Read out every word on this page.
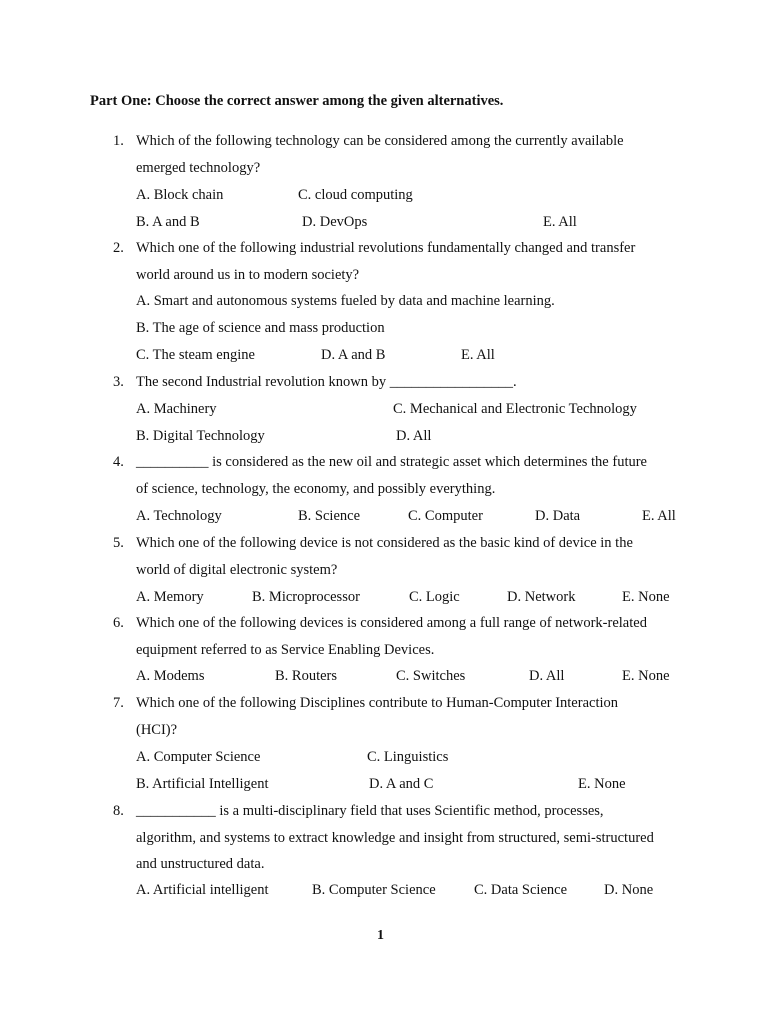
Part One: Choose the correct answer among the given alternatives.
1. Which of the following technology can be considered among the currently available
emerged technology?
A. Block chain	C. cloud computing
B. A and B	D. DevOps	E. All
2. Which one of the following industrial revolutions fundamentally changed and transfer
world around us in to modern society?
A. Smart and autonomous systems fueled by data and machine learning.
B. The age of science and mass production
C. The steam engine	D. A and B	E. All
3. The second Industrial revolution known by _________________.
A. Machinery	C. Mechanical and Electronic Technology
B. Digital Technology	D. All
4. __________ is considered as the new oil and strategic asset which determines the future
of science, technology, the economy, and possibly everything.
A. Technology	B. Science	C. Computer	D. Data	E. All
5. Which one of the following device is not considered as the basic kind of device in the
world of digital electronic system?
A. Memory	B. Microprocessor	C. Logic	D. Network	E. None
6. Which one of the following devices is considered among a full range of network-related
equipment referred to as Service Enabling Devices.
A. Modems	B. Routers	C. Switches	D. All	E. None
7. Which one of the following Disciplines contribute to Human-Computer Interaction
(HCI)?
A. Computer Science	C. Linguistics
B. Artificial Intelligent	D. A and C	E. None
8. ___________ is a multi-disciplinary field that uses Scientific method, processes,
algorithm, and systems to extract knowledge and insight from structured, semi-structured
and unstructured data.
A. Artificial intelligent	B. Computer Science	C. Data Science	D. None
1
